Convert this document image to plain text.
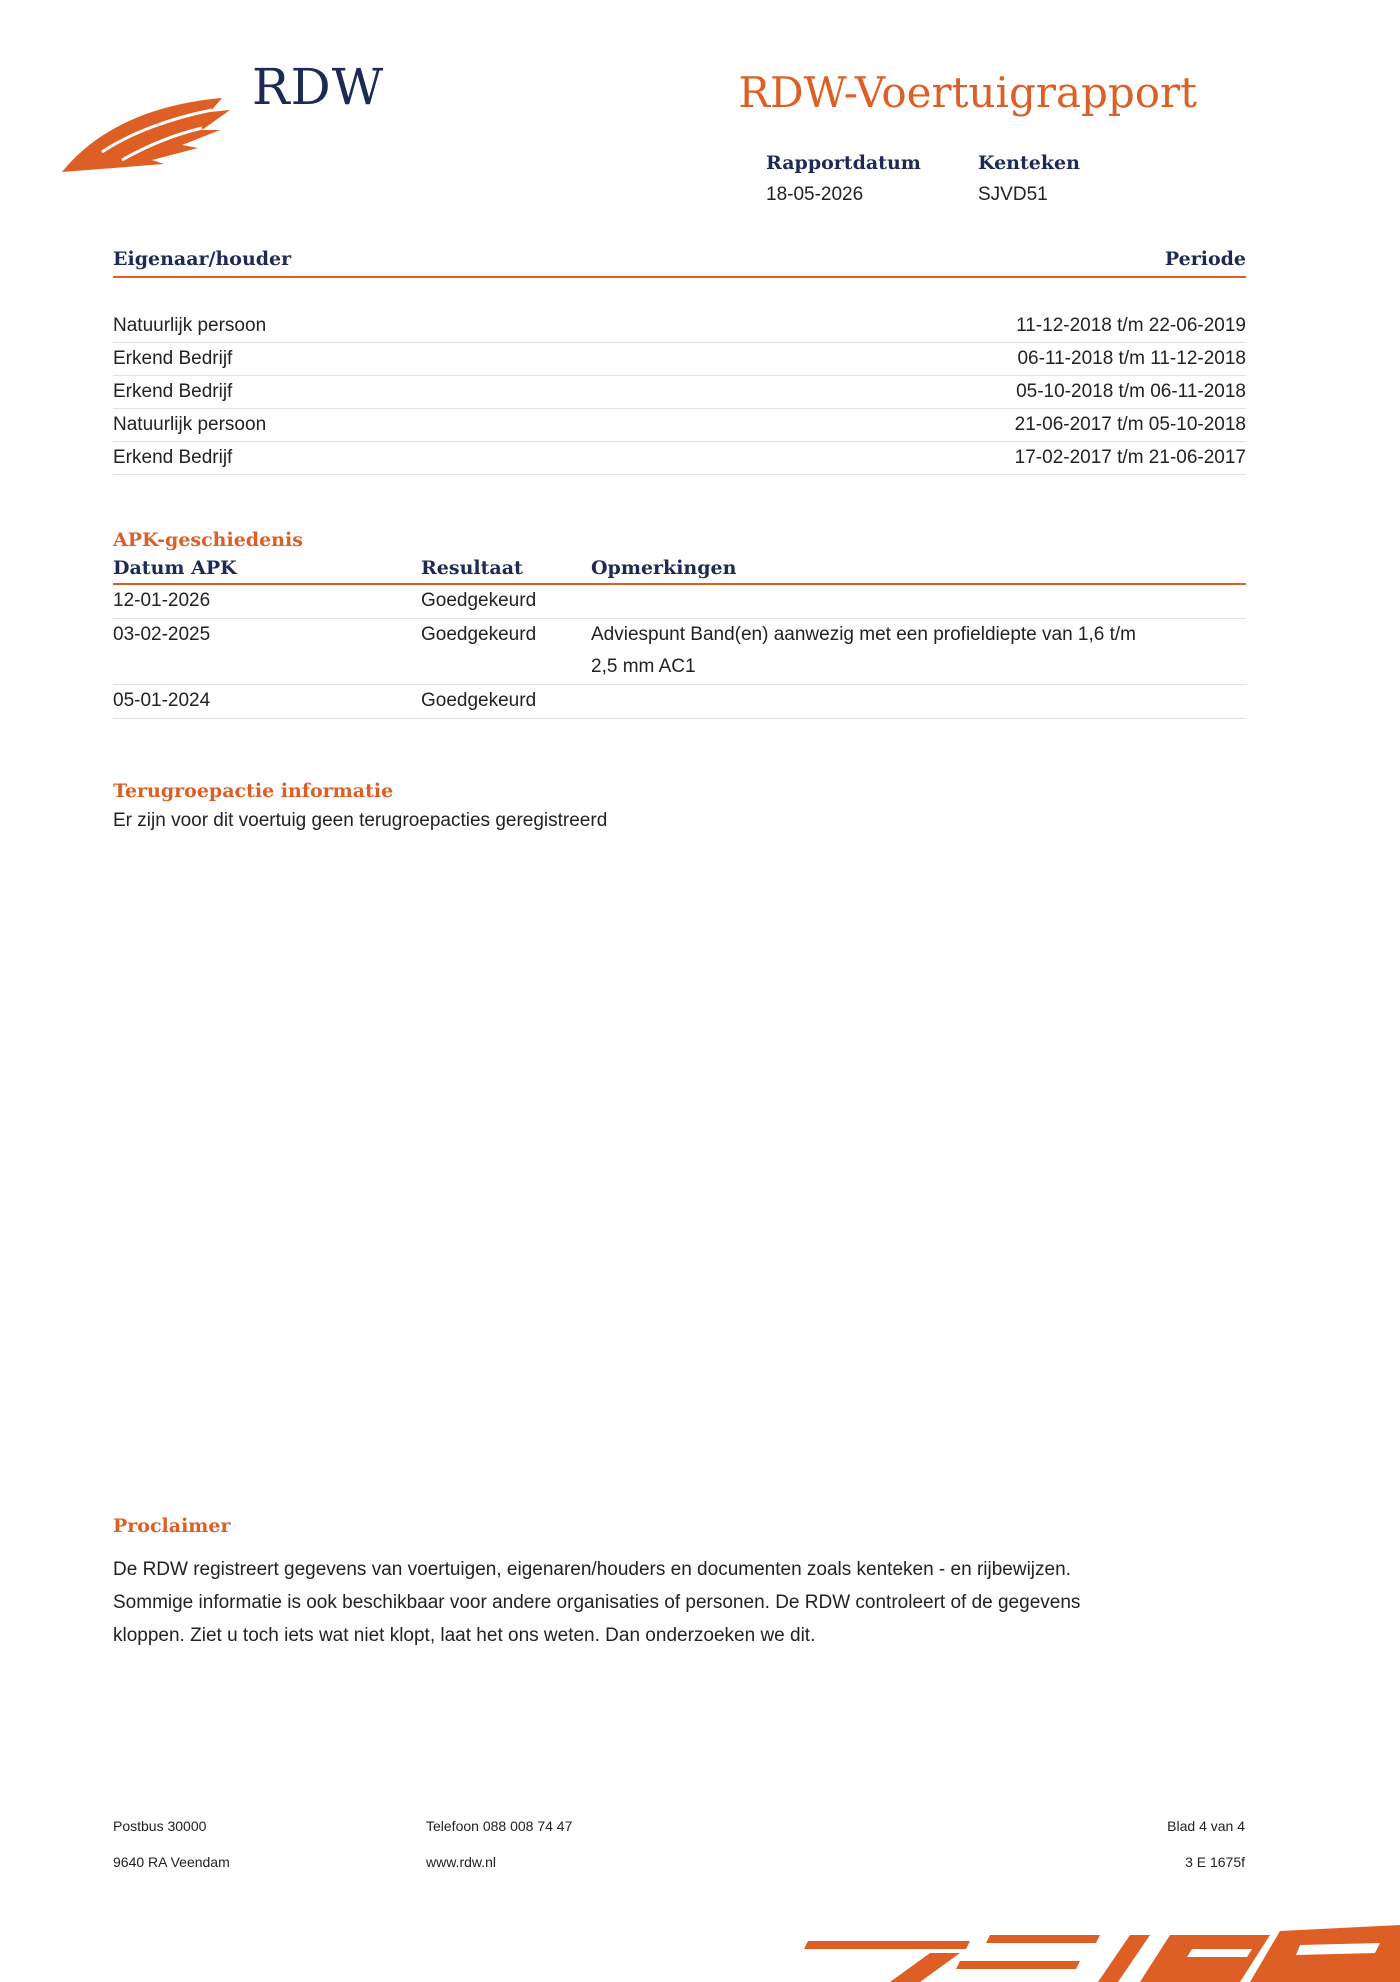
RDW	RDW-Voertuigrapport
Rapportdatum
18-05-2026
Kenteken
SJVD51
Eigenaar/houder	Periode
Natuurlijk persoon	11-12-2018 t/m 22-06-2019
Erkend Bedrijf	06-11-2018 t/m 11-12-2018
Erkend Bedrijf	05-10-2018 t/m 06-11-2018
Natuurlijk persoon	21-06-2017 t/m 05-10-2018
Erkend Bedrijf	17-02-2017 t/m 21-06-2017
APK-geschiedenis
Datum APK	Resultaat	Opmerkingen
12-01-2026	Goedgekeurd
03-02-2025	Goedgekeurd	Adviespunt Band(en) aanwezig met een profieldiepte van 1,6 t/m
2,5 mm AC1
05-01-2024	Goedgekeurd
Terugroepactie informatie
Er zijn voor dit voertuig geen terugroepacties geregistreerd
Proclaimer
De RDW registreert gegevens van voertuigen, eigenaren/houders en documenten zoals kenteken - en rijbewijzen.
Sommige informatie is ook beschikbaar voor andere organisaties of personen. De RDW controleert of de gegevens
kloppen. Ziet u toch iets wat niet klopt, laat het ons weten. Dan onderzoeken we dit.
Postbus 30000
9640 RA Veendam
Telefoon 088 008 74 47
www.rdw.nl
Blad 4 van 4
3 E 1675f
